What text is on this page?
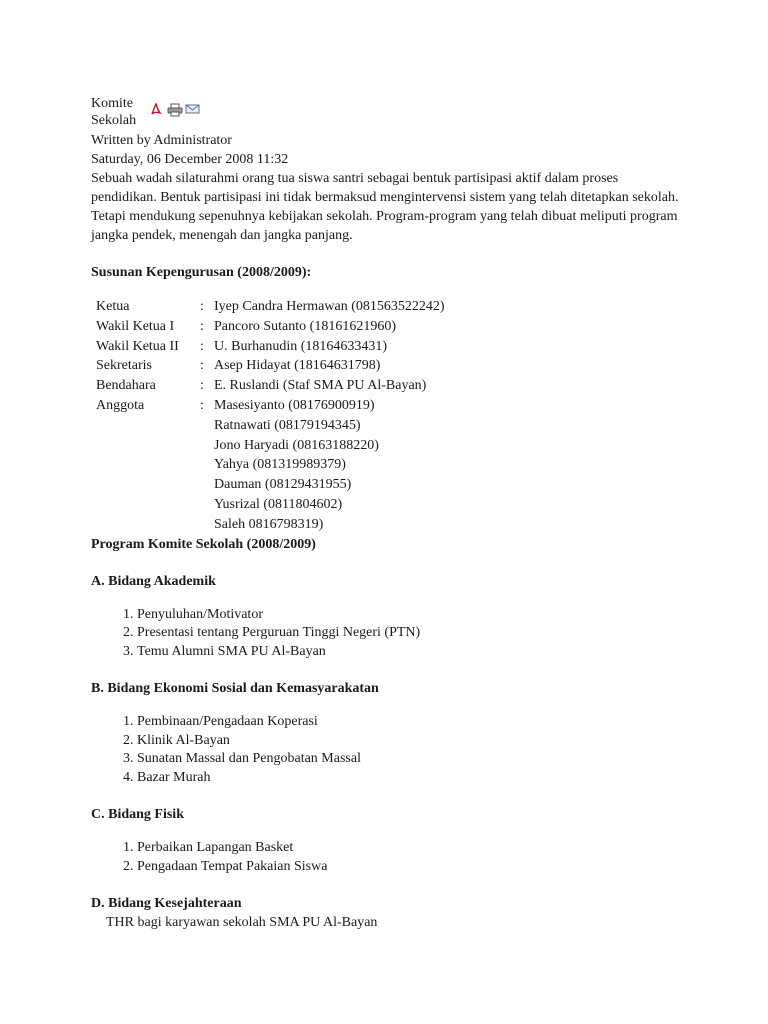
Komite
Sekolah
Written by Administrator
Saturday, 06 December 2008 11:32
Sebuah wadah silaturahmi orang tua siswa santri sebagai bentuk partisipasi aktif dalam proses pendidikan. Bentuk partisipasi ini tidak bermaksud mengintervensi sistem yang telah ditetapkan sekolah. Tetapi mendukung sepenuhnya kebijakan sekolah. Program-program yang telah dibuat meliputi program jangka pendek, menengah dan jangka panjang.
Susunan Kepengurusan (2008/2009):
Ketua	:	Iyep Candra Hermawan (081563522242)
Wakil Ketua I	:	Pancoro Sutanto (18161621960)
Wakil Ketua II	:	U. Burhanudin (18164633431)
Sekretaris	:	Asep Hidayat (18164631798)
Bendahara	:	E. Ruslandi (Staf SMA PU Al-Bayan)
Anggota	:	Masesiyanto (08176900919)
		Ratnawati (08179194345)
		Jono Haryadi (08163188220)
		Yahya (081319989379)
		Dauman (08129431955)
		Yusrizal (0811804602)
		Saleh 0816798319)
Program Komite Sekolah (2008/2009)
A. Bidang Akademik
1. Penyuluhan/Motivator
2. Presentasi tentang Perguruan Tinggi Negeri (PTN)
3. Temu Alumni SMA PU Al-Bayan
B. Bidang Ekonomi Sosial dan Kemasyarakatan
1. Pembinaan/Pengadaan Koperasi
2. Klinik Al-Bayan
3. Sunatan Massal dan Pengobatan Massal
4. Bazar Murah
C. Bidang Fisik
1. Perbaikan Lapangan Basket
2. Pengadaan Tempat Pakaian Siswa
D. Bidang Kesejahteraan
THR bagi karyawan sekolah SMA PU Al-Bayan
